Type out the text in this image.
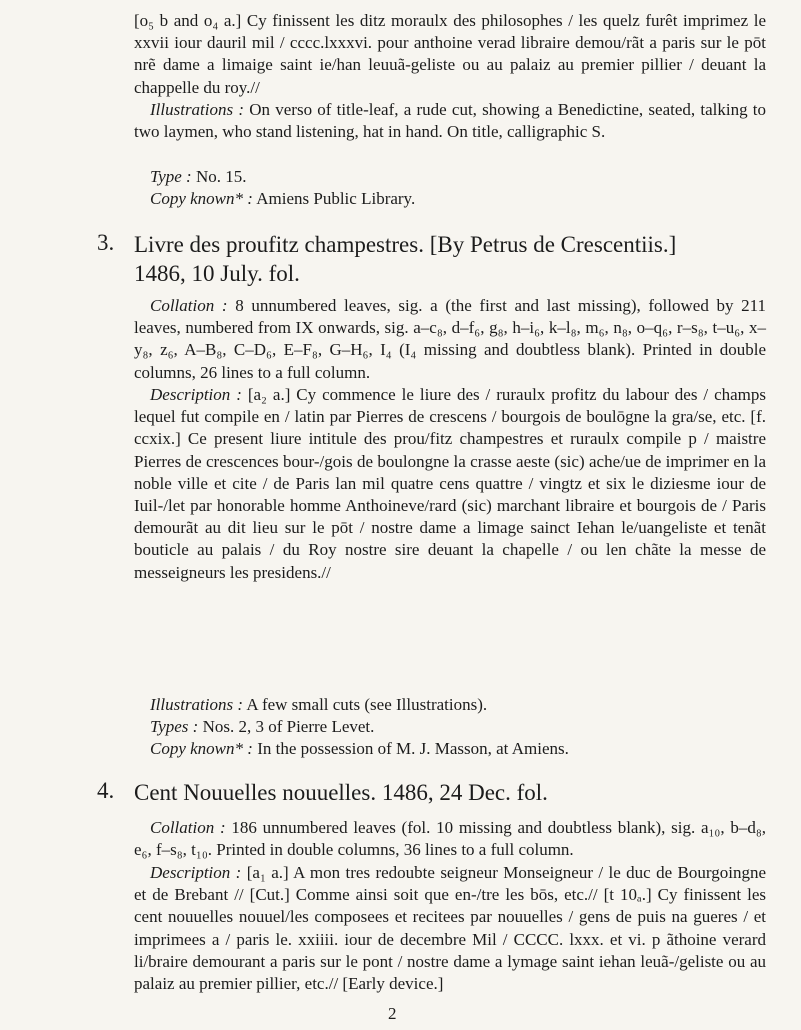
[o₅ b and o₄ a.] Cy finissent les ditz moraulx des philosophes / les quelz furêt imprimez le xxvii iour dauril mil / cccc.lxxxvi. pour anthoine verad libraire demou/rãt a paris sur le pōt nrẽ dame a limaige saint ie/han leuuã-geliste ou au palaiz au premier pillier / deuant la chappelle du roy.//

Illustrations : On verso of title-leaf, a rude cut, showing a Benedictine, seated, talking to two laymen, who stand listening, hat in hand. On title, calligraphic S.

Type : No. 15.

Copy known* : Amiens Public Library.

3. Livre des proufitz champestres. [By Petrus de Crescentiis.]
1486, 10 July. fol.

Collation : 8 unnumbered leaves, sig. a (the first and last missing), followed by 211 leaves, numbered from IX onwards, sig. a–c₈, d–f₆, g₈, h–i₆, k–l₈, m₆, n₈, o–q₆, r–s₈, t–u₆, x–y₈, z₆, A–B₈, C–D₆, E–F₈, G–H₆, I₄ (I₄ missing and doubtless blank). Printed in double columns, 26 lines to a full column.

Description : [a₂ a.] Cy commence le liure des / ruraulx profitz du labour des / champs lequel fut compile en / latin par Pierres de crescens / bourgois de boulōgne la gra/se, etc. [f. ccxix.] Ce present liure intitule des prou/fitz champestres et ruraulx compile p / maistre Pierres de crescences bour-/gois de boulongne la crasse aeste (sic) ache/ue de imprimer en la noble ville et cite / de Paris lan mil quatre cens quattre / vingtz et six le diziesme iour de Iuil-/let par honorable homme Anthoineve/rard (sic) marchant libraire et bourgois de / Paris demourãt au dit lieu sur le pōt / nostre dame a limage sainct Iehan le/uangeliste et tenãt bouticle au palais / du Roy nostre sire deuant la chapelle / ou len chãte la messe de messeigneurs les presidens.//

Illustrations : A few small cuts (see Illustrations).

Types : Nos. 2, 3 of Pierre Levet.

Copy known* : In the possession of M. J. Masson, at Amiens.

4. Cent Nouuelles nouuelles. 1486, 24 Dec. fol.

Collation : 186 unnumbered leaves (fol. 10 missing and doubtless blank), sig. a₁₀, b–d₈, e₆, f–s₈, t₁₀. Printed in double columns, 36 lines to a full column.

Description : [a₁ a.] A mon tres redoubte seigneur Monseigneur / le duc de Bourgoingne et de Brebant // [Cut.] Comme ainsi soit que en-/tre les bōs, etc.// [t 10ₐ.] Cy finissent les cent nouuelles nouuel/les composees et recitees par nouuelles / gens de puis na gueres / et imprimees a / paris le. xxiiii. iour de decembre Mil / CCCC. lxxx. et vi. p ãthoine verard li/braire demourant a paris sur le pont / nostre dame a lymage saint iehan leuã-/geliste ou au palaiz au premier pillier, etc.// [Early device.]

2
